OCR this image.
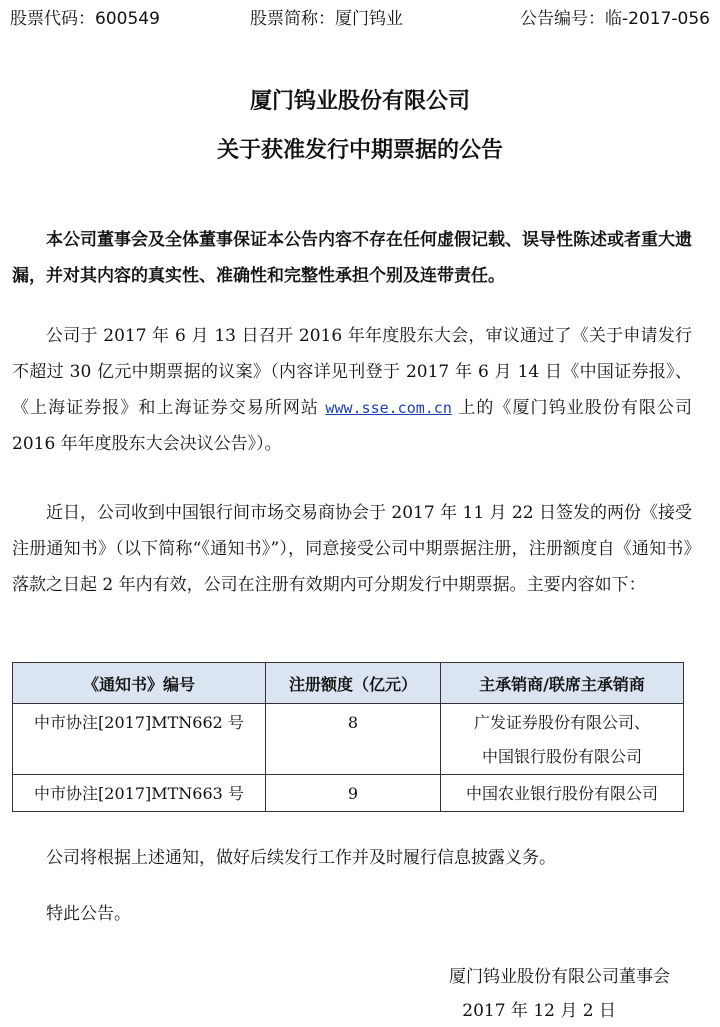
股票代码：600549	股票简称：厦门钨业	公告编号：临-2017-056
厦门钨业股份有限公司
关于获准发行中期票据的公告
本公司董事会及全体董事保证本公告内容不存在任何虚假记载、误导性陈述或者重大遗漏，并对其内容的真实性、准确性和完整性承担个别及连带责任。
公司于 2017 年 6 月 13 日召开 2016 年年度股东大会，审议通过了《关于申请发行不超过 30 亿元中期票据的议案》（内容详见刊登于 2017 年 6 月 14 日《中国证券报》、《上海证券报》和上海证券交易所网站 www.sse.com.cn 上的《厦门钨业股份有限公司 2016 年年度股东大会决议公告》）。
近日，公司收到中国银行间市场交易商协会于 2017 年 11 月 22 日签发的两份《接受注册通知书》（以下简称“《通知书》”），同意接受公司中期票据注册，注册额度自《通知书》落款之日起 2 年内有效，公司在注册有效期内可分期发行中期票据。主要内容如下：
《通知书》编号	注册额度（亿元）	主承销商/联席主承销商
中市协注[2017]MTN662 号	8	广发证券股份有限公司、
中国银行股份有限公司

中市协注[2017]MTN663 号	9	中国农业银行股份有限公司
公司将根据上述通知，做好后续发行工作并及时履行信息披露义务。
特此公告。
厦门钨业股份有限公司董事会
2017 年 12 月 2 日
